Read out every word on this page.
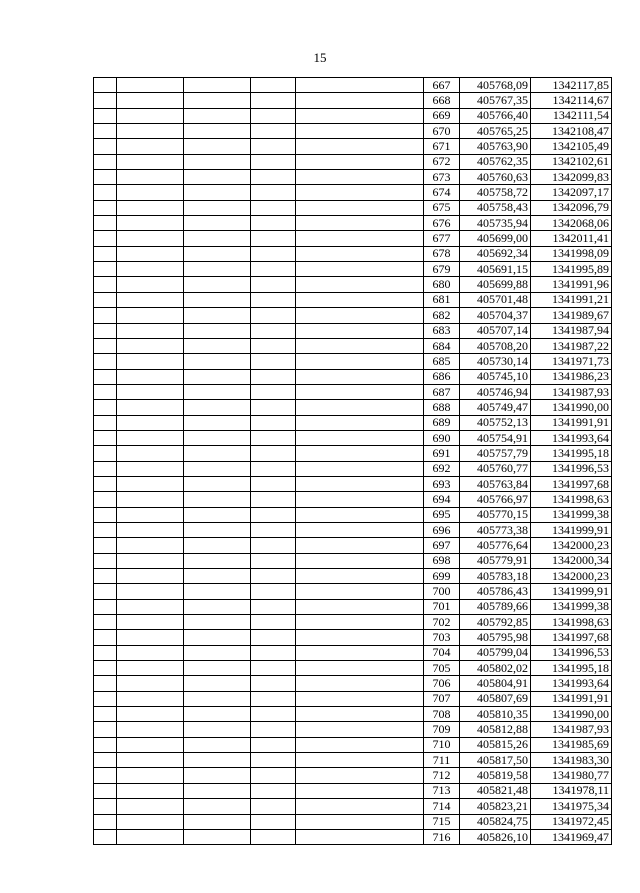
15
					667	405768,09	1342117,85
					668	405767,35	1342114,67
					669	405766,40	1342111,54
					670	405765,25	1342108,47
					671	405763,90	1342105,49
					672	405762,35	1342102,61
					673	405760,63	1342099,83
					674	405758,72	1342097,17
					675	405758,43	1342096,79
					676	405735,94	1342068,06
					677	405699,00	1342011,41
					678	405692,34	1341998,09
					679	405691,15	1341995,89
					680	405699,88	1341991,96
					681	405701,48	1341991,21
					682	405704,37	1341989,67
					683	405707,14	1341987,94
					684	405708,20	1341987,22
					685	405730,14	1341971,73
					686	405745,10	1341986,23
					687	405746,94	1341987,93
					688	405749,47	1341990,00
					689	405752,13	1341991,91
					690	405754,91	1341993,64
					691	405757,79	1341995,18
					692	405760,77	1341996,53
					693	405763,84	1341997,68
					694	405766,97	1341998,63
					695	405770,15	1341999,38
					696	405773,38	1341999,91
					697	405776,64	1342000,23
					698	405779,91	1342000,34
					699	405783,18	1342000,23
					700	405786,43	1341999,91
					701	405789,66	1341999,38
					702	405792,85	1341998,63
					703	405795,98	1341997,68
					704	405799,04	1341996,53
					705	405802,02	1341995,18
					706	405804,91	1341993,64
					707	405807,69	1341991,91
					708	405810,35	1341990,00
					709	405812,88	1341987,93
					710	405815,26	1341985,69
					711	405817,50	1341983,30
					712	405819,58	1341980,77
					713	405821,48	1341978,11
					714	405823,21	1341975,34
					715	405824,75	1341972,45
					716	405826,10	1341969,47
